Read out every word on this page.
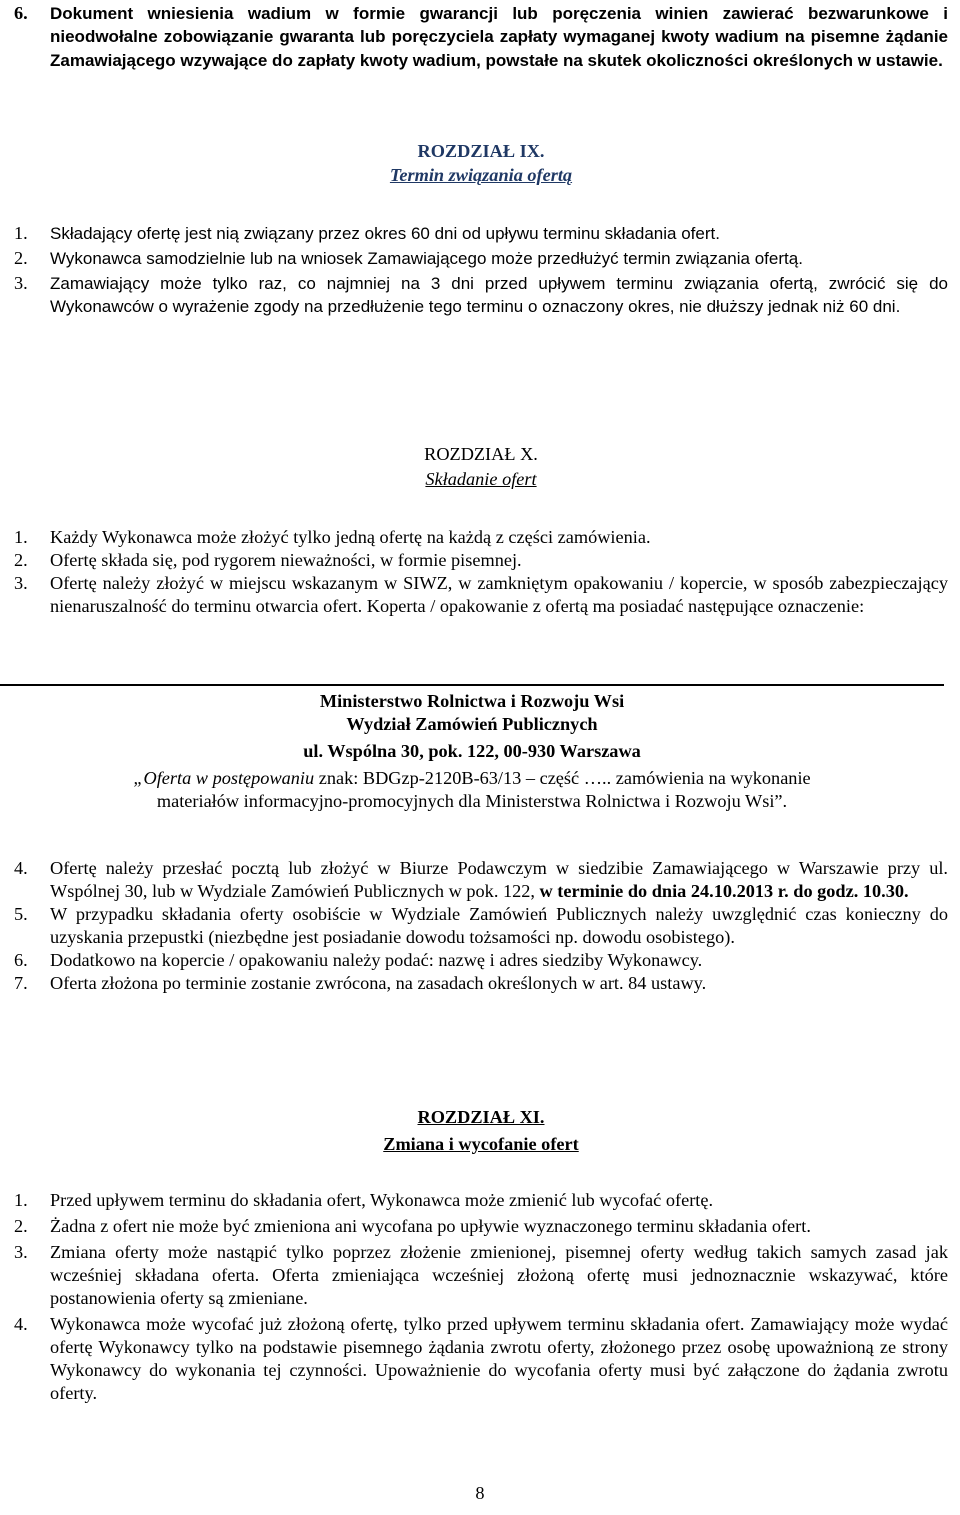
6.	Dokument wniesienia wadium w formie gwarancji lub poręczenia winien zawierać bezwarunkowe i nieodwołalne zobowiązanie gwaranta lub poręczyciela zapłaty wymaganej kwoty wadium na pisemne żądanie Zamawiającego wzywające do zapłaty kwoty wadium, powstałe na skutek okoliczności określonych w ustawie.
ROZDZIAŁ IX.
Termin związania ofertą
1.	Składający ofertę jest nią związany przez okres 60 dni od upływu terminu składania ofert.
2.	Wykonawca samodzielnie lub na wniosek Zamawiającego może przedłużyć termin związania ofertą.
3.	Zamawiający może tylko raz, co najmniej na 3 dni przed upływem terminu związania ofertą, zwrócić się do Wykonawców o wyrażenie zgody na przedłużenie tego terminu o oznaczony okres, nie dłuższy jednak niż 60 dni.
ROZDZIAŁ X.
Składanie ofert
1.	Każdy Wykonawca może złożyć tylko jedną ofertę na każdą z części zamówienia.
2.	Ofertę składa się, pod rygorem nieważności, w formie pisemnej.
3.	Ofertę należy złożyć w miejscu wskazanym w SIWZ, w zamkniętym opakowaniu / kopercie, w sposób zabezpieczający nienaruszalność do terminu otwarcia ofert. Koperta / opakowanie z ofertą ma posiadać następujące oznaczenie:
Ministerstwo Rolnictwa i Rozwoju Wsi
Wydział Zamówień Publicznych
ul. Wspólna 30, pok. 122, 00-930 Warszawa
„Oferta w postępowaniu znak: BDGzp-2120B-63/13 – część ….. zamówienia na wykonanie
materiałów informacyjno-promocyjnych dla Ministerstwa Rolnictwa i Rozwoju Wsi”.
4.	Ofertę należy przesłać pocztą lub złożyć w Biurze Podawczym w siedzibie Zamawiającego w Warszawie przy ul. Wspólnej 30, lub w Wydziale Zamówień Publicznych w pok. 122, w terminie do dnia 24.10.2013 r. do godz. 10.30.
5.	W przypadku składania oferty osobiście w Wydziale Zamówień Publicznych należy uwzględnić czas konieczny do uzyskania przepustki (niezbędne jest posiadanie dowodu tożsamości np. dowodu osobistego).
6.	Dodatkowo na kopercie / opakowaniu należy podać: nazwę i adres siedziby Wykonawcy.
7.	Oferta złożona po terminie zostanie zwrócona, na zasadach określonych w art. 84 ustawy.
ROZDZIAŁ XI.
Zmiana i wycofanie ofert
1.	Przed upływem terminu do składania ofert, Wykonawca może zmienić lub wycofać ofertę.
2.	Żadna z ofert nie może być zmieniona ani wycofana po upływie wyznaczonego terminu składania ofert.
3.	Zmiana oferty może nastąpić tylko poprzez złożenie zmienionej, pisemnej oferty według takich samych zasad jak wcześniej składana oferta. Oferta zmieniająca wcześniej złożoną ofertę musi jednoznacznie wskazywać, które postanowienia oferty są zmieniane.
4.	Wykonawca może wycofać już złożoną ofertę, tylko przed upływem terminu składania ofert. Zamawiający może wydać ofertę Wykonawcy tylko na podstawie pisemnego żądania zwrotu oferty, złożonego przez osobę upoważnioną ze strony Wykonawcy do wykonania tej czynności. Upoważnienie do wycofania oferty musi być załączone do żądania zwrotu oferty.
8
